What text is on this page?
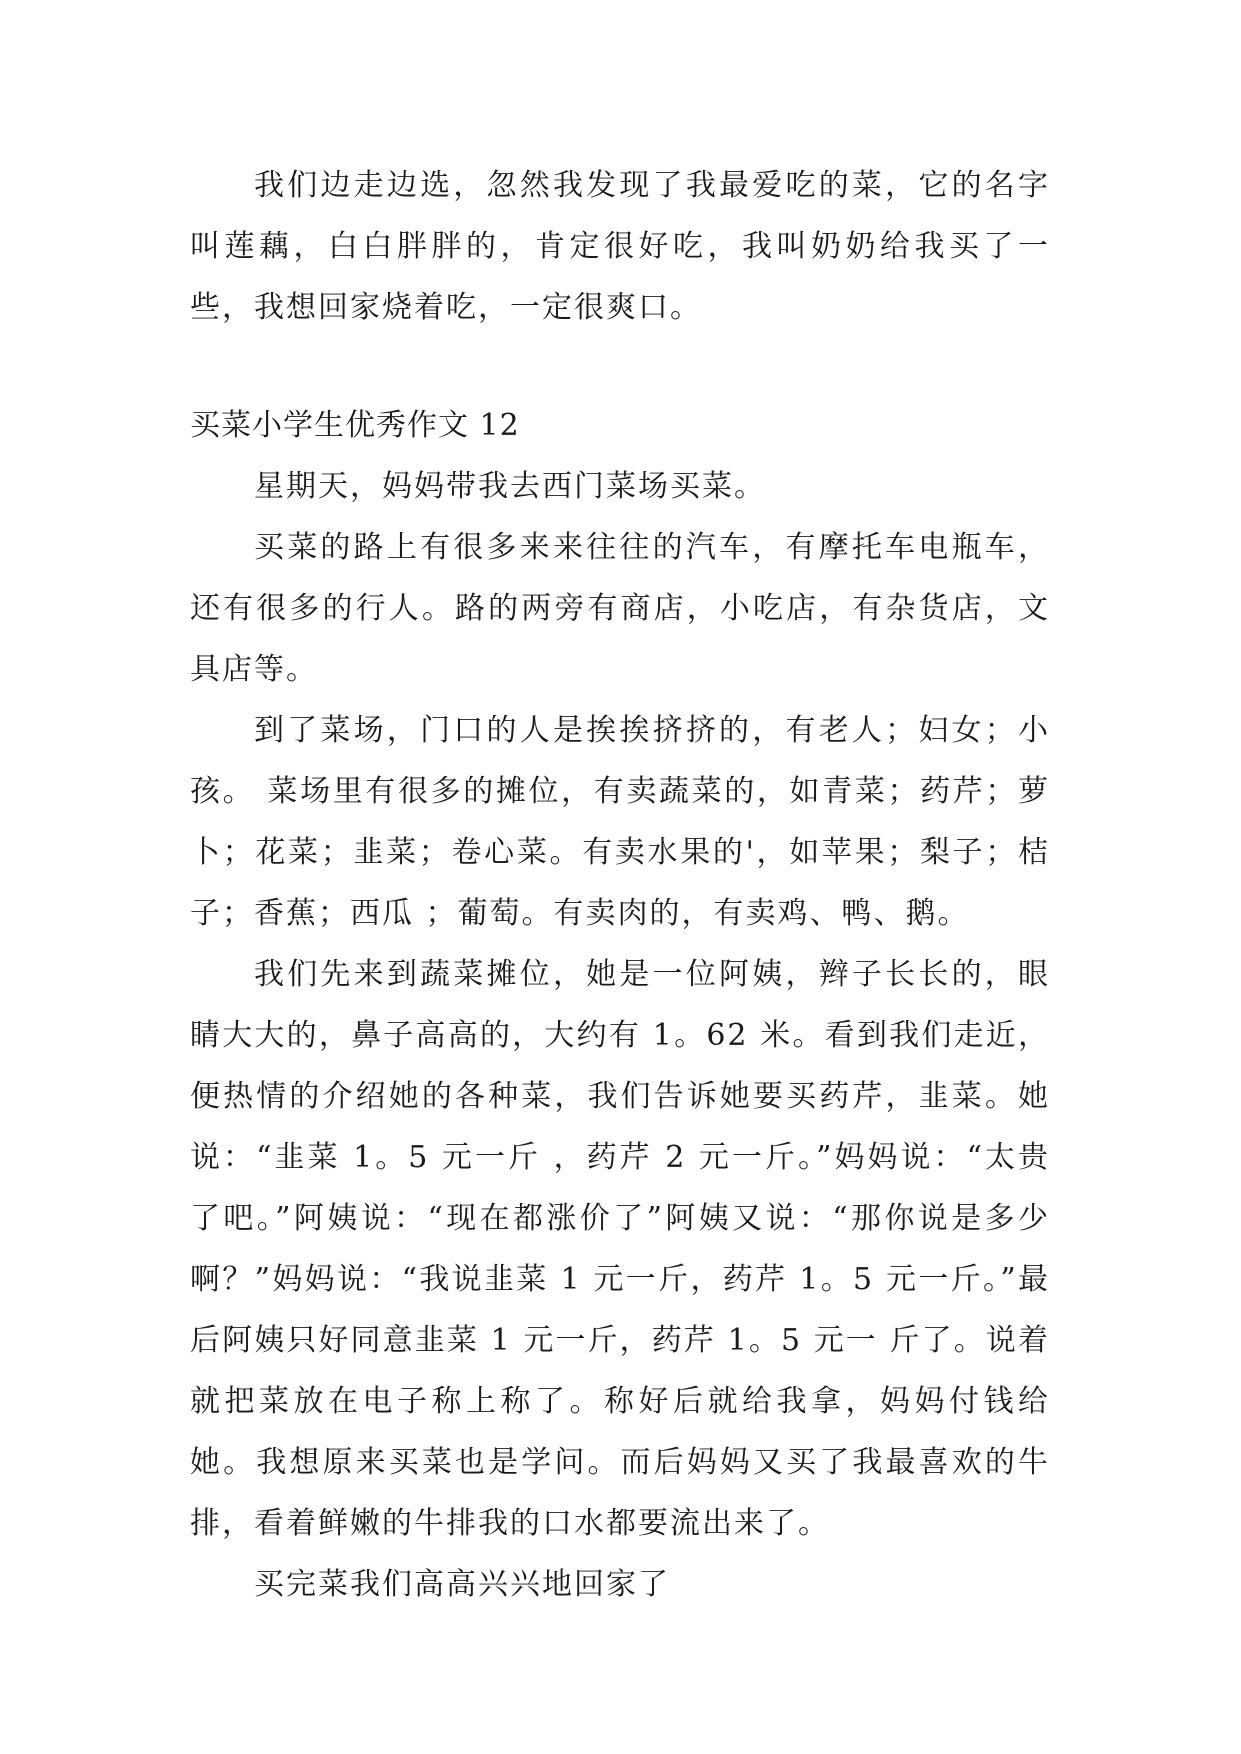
我们边走边选，忽然我发现了我最爱吃的菜，它的名字叫莲藕，白白胖胖的，肯定很好吃，我叫奶奶给我买了一些，我想回家烧着吃，一定很爽口。

买菜小学生优秀作文 12

星期天，妈妈带我去西门菜场买菜。

买菜的路上有很多来来往往的汽车，有摩托车电瓶车，还有很多的行人。路的两旁有商店，小吃店，有杂货店，文具店等。

到了菜场，门口的人是挨挨挤挤的，有老人；妇女；小孩。 菜场里有很多的摊位，有卖蔬菜的，如青菜；药芹；萝卜；花菜；韭菜；卷心菜。有卖水果的'，如苹果；梨子；桔子；香蕉；西瓜 ；葡萄。有卖肉的，有卖鸡、鸭、鹅。

我们先来到蔬菜摊位，她是一位阿姨，辫子长长的，眼睛大大的，鼻子高高的，大约有 1。62 米。看到我们走近，便热情的介绍她的各种菜，我们告诉她要买药芹，韭菜。她说：“韭菜 1。5 元一斤 ，药芹 2 元一斤。”妈妈说：“太贵了吧。”阿姨说：“现在都涨价了”阿姨又说：“那你说是多少啊？”妈妈说：“我说韭菜 1 元一斤，药芹 1。5 元一斤。”最后阿姨只好同意韭菜 1 元一斤，药芹 1。5 元一 斤了。说着就把菜放在电子称上称了。称好后就给我拿，妈妈付钱给她。我想原来买菜也是学问。而后妈妈又买了我最喜欢的牛排，看着鲜嫩的牛排我的口水都要流出来了。

买完菜我们高高兴兴地回家了
